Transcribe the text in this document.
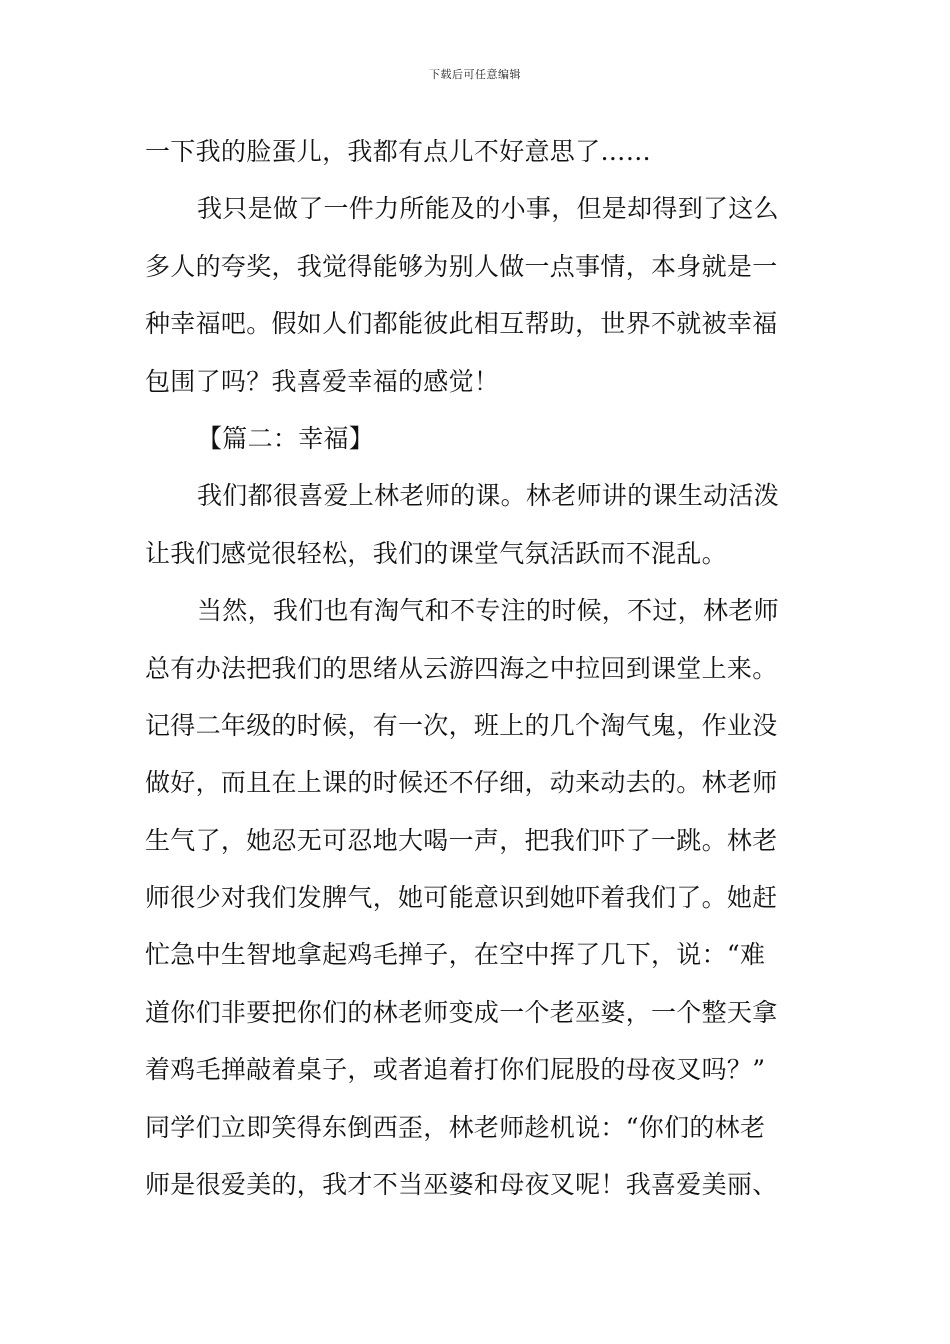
下载后可任意编辑
一下我的脸蛋儿，我都有点儿不好意思了……
我只是做了一件力所能及的小事，但是却得到了这么
多人的夸奖，我觉得能够为别人做一点事情，本身就是一
种幸福吧。假如人们都能彼此相互帮助，世界不就被幸福
包围了吗？我喜爱幸福的感觉！
【篇二：幸福】
我们都很喜爱上林老师的课。林老师讲的课生动活泼
让我们感觉很轻松，我们的课堂气氛活跃而不混乱。
当然，我们也有淘气和不专注的时候，不过，林老师
总有办法把我们的思绪从云游四海之中拉回到课堂上来。
记得二年级的时候，有一次，班上的几个淘气鬼，作业没
做好，而且在上课的时候还不仔细，动来动去的。林老师
生气了，她忍无可忍地大喝一声，把我们吓了一跳。林老
师很少对我们发脾气，她可能意识到她吓着我们了。她赶
忙急中生智地拿起鸡毛掸子，在空中挥了几下，说：“难
道你们非要把你们的林老师变成一个老巫婆，一个整天拿
着鸡毛掸敲着桌子，或者追着打你们屁股的母夜叉吗？”
同学们立即笑得东倒西歪，林老师趁机说：“你们的林老
师是很爱美的，我才不当巫婆和母夜叉呢！我喜爱美丽、
